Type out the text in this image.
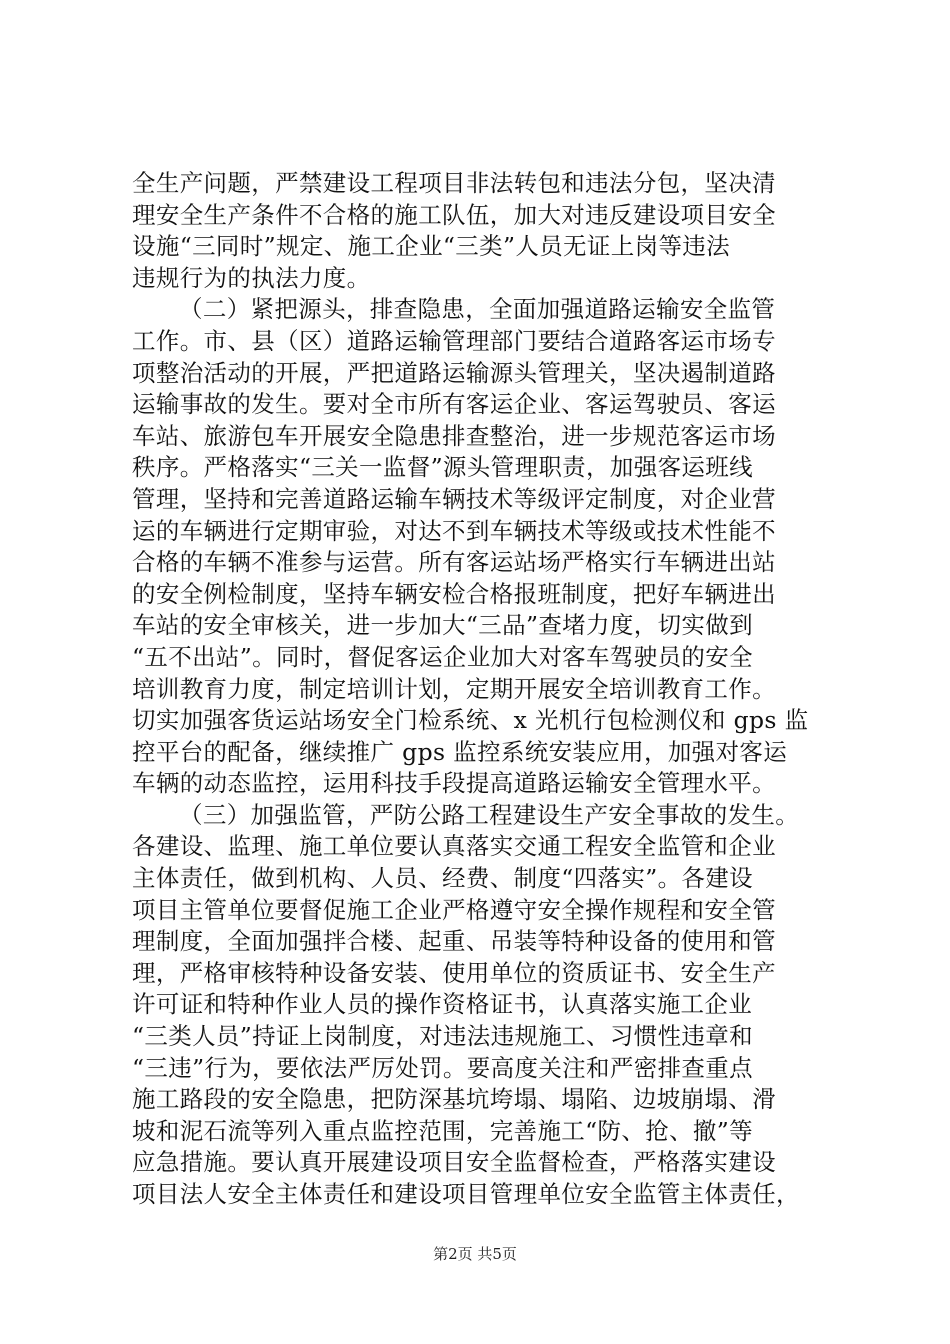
全生产问题，严禁建设工程项目非法转包和违法分包，坚决清
理安全生产条件不合格的施工队伍，加大对违反建设项目安全
设施“三同时”规定、施工企业“三类”人员无证上岗等违法
违规行为的执法力度。
（二）紧把源头，排查隐患，全面加强道路运输安全监管
工作。市、县（区）道路运输管理部门要结合道路客运市场专
项整治活动的开展，严把道路运输源头管理关，坚决遏制道路
运输事故的发生。要对全市所有客运企业、客运驾驶员、客运
车站、旅游包车开展安全隐患排查整治，进一步规范客运市场
秩序。严格落实“三关一监督”源头管理职责，加强客运班线
管理，坚持和完善道路运输车辆技术等级评定制度，对企业营
运的车辆进行定期审验，对达不到车辆技术等级或技术性能不
合格的车辆不准参与运营。所有客运站场严格实行车辆进出站
的安全例检制度，坚持车辆安检合格报班制度，把好车辆进出
车站的安全审核关，进一步加大“三品”查堵力度，切实做到
“五不出站”。同时，督促客运企业加大对客车驾驶员的安全
培训教育力度，制定培训计划，定期开展安全培训教育工作。
切实加强客货运站场安全门检系统、x 光机行包检测仪和 gps 监
控平台的配备，继续推广 gps 监控系统安装应用，加强对客运
车辆的动态监控，运用科技手段提高道路运输安全管理水平。
（三）加强监管，严防公路工程建设生产安全事故的发生。
各建设、监理、施工单位要认真落实交通工程安全监管和企业
主体责任，做到机构、人员、经费、制度“四落实”。各建设
项目主管单位要督促施工企业严格遵守安全操作规程和安全管
理制度，全面加强拌合楼、起重、吊装等特种设备的使用和管
理，严格审核特种设备安装、使用单位的资质证书、安全生产
许可证和特种作业人员的操作资格证书，认真落实施工企业
“三类人员”持证上岗制度，对违法违规施工、习惯性违章和
“三违”行为，要依法严厉处罚。要高度关注和严密排查重点
施工路段的安全隐患，把防深基坑垮塌、塌陷、边坡崩塌、滑
坡和泥石流等列入重点监控范围，完善施工“防、抢、撤”等
应急措施。要认真开展建设项目安全监督检查，严格落实建设
项目法人安全主体责任和建设项目管理单位安全监管主体责任，
第2页 共5页
